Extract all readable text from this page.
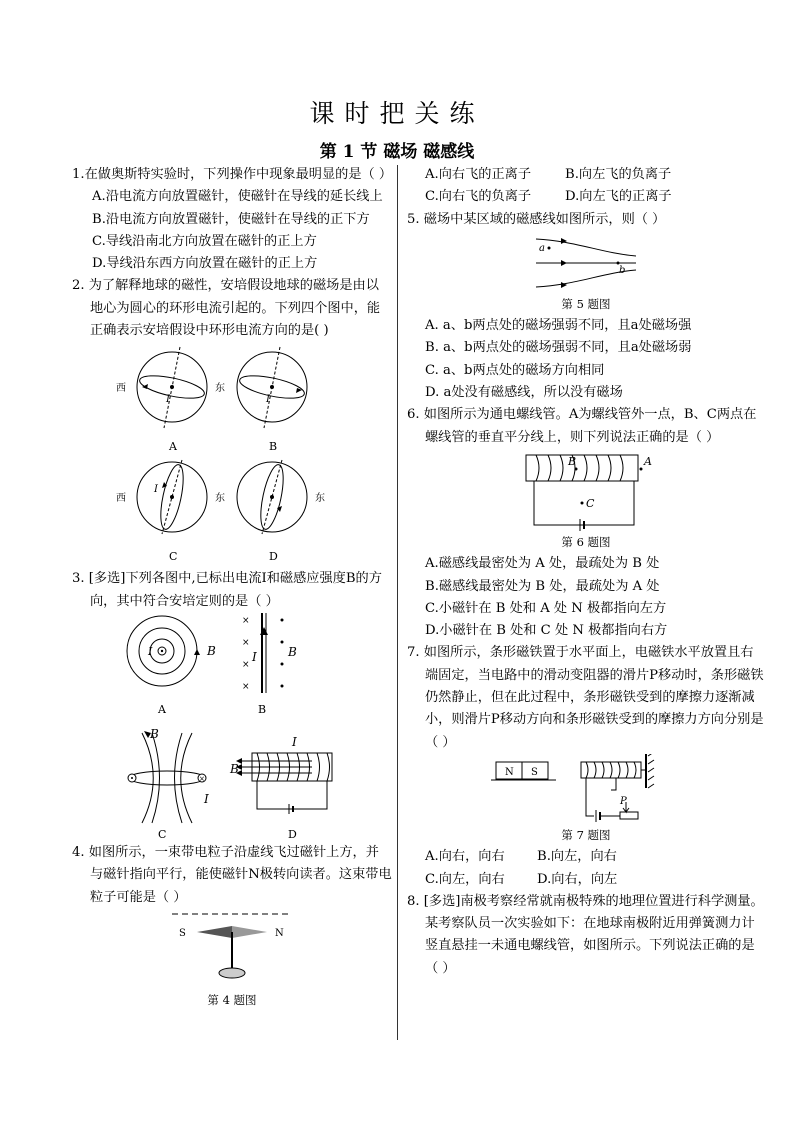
课时把关练
第 1 节 磁场 磁感线
1.在做奥斯特实验时，下列操作中现象最明显的是（ ）
A.沿电流方向放置磁针，使磁针在导线的延长线上
B.沿电流方向放置磁针，使磁针在导线的正下方
C.导线沿南北方向放置在磁针的正上方
D.导线沿东西方向放置在磁针的正上方
2. 为了解释地球的磁性，安培假设地球的磁场是由以地心为圆心的环形电流引起的。下列四个图中，能正确表示安培假设中环形电流方向的是( )
西	东
I
A
I
B
西	东
I
C
东
D
3. [多选]下列各图中,已标出电流I和磁感应强度B的方向，其中符合安培定则的是（ ）
I	B
A
×
×
×
×
I	B
B
×
B
I
C
I
B
D
4. 如图所示，一束带电粒子沿虚线飞过磁针上方，并与磁针指向平行，能使磁针N极转向读者。这束带电粒子可能是（ ）
S	N
第 4 题图
A.向右飞的正离子	B.向左飞的负离子
C.向右飞的负离子	D.向左飞的正离子
5. 磁场中某区域的磁感线如图所示，则（ ）
a
b
第 5 题图
A. a、b两点处的磁场强弱不同，且a处磁场强
B. a、b两点处的磁场强弱不同，且a处磁场弱
C. a、b两点处的磁场方向相同
D. a处没有磁感线，所以没有磁场
6. 如图所示为通电螺线管。A为螺线管外一点，B、C两点在螺线管的垂直平分线上，则下列说法正确的是（ ）
B	A
C
第 6 题图
A.磁感线最密处为 A 处，最疏处为 B 处
B.磁感线最密处为 B 处，最疏处为 A 处
C.小磁针在 B 处和 A 处 N 极都指向左方
D.小磁针在 B 处和 C 处 N 极都指向右方
7. 如图所示，条形磁铁置于水平面上，电磁铁水平放置且右端固定，当电路中的滑动变阻器的滑片P移动时，条形磁铁仍然静止，但在此过程中，条形磁铁受到的摩擦力逐渐减小，则滑片P移动方向和条形磁铁受到的摩擦力方向分别是（ ）
N S
P
第 7 题图
A.向右，向右	B.向左，向右
C.向左，向右	D.向右，向左
8. [多选]南极考察经常就南极特殊的地理位置进行科学测量。某考察队员一次实验如下：在地球南极附近用弹簧测力计竖直悬挂一未通电螺线管，如图所示。下列说法正确的是（ ）
